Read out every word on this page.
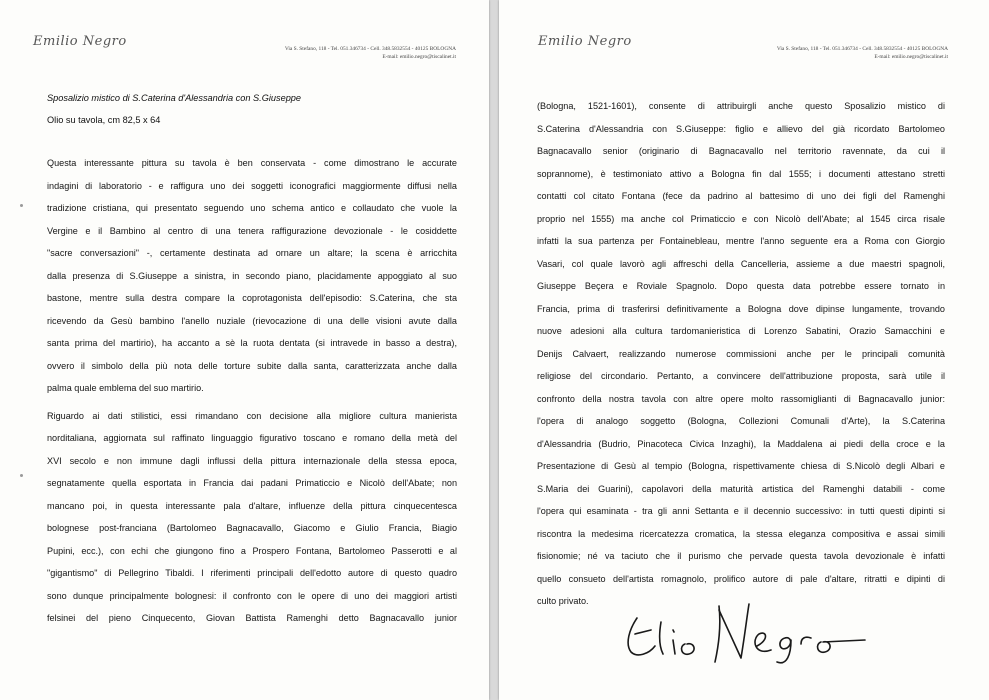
Emilio Negro	Via S. Stefano, 118 - Tel. 051.346734 - Cell. 348.5832554 - 40125 BOLOGNA
E-mail: emilio.negro@tiscalinet.it
Sposalizio mistico di S.Caterina d'Alessandria con S.Giuseppe
Olio su tavola, cm 82,5 x 64
Questa interessante pittura su tavola è ben conservata - come dimostrano le accurate
indagini di laboratorio - e raffigura uno dei soggetti iconografici maggiormente diffusi nella
tradizione cristiana, qui presentato seguendo uno schema antico e collaudato che vuole la
Vergine e il Bambino al centro di una tenera raffigurazione devozionale - le cosiddette
"sacre conversazioni" -, certamente destinata ad ornare un altare; la scena è arricchita
dalla presenza di S.Giuseppe a sinistra, in secondo piano, placidamente appoggiato al suo
bastone, mentre sulla destra compare la coprotagonista dell'episodio: S.Caterina, che sta
ricevendo da Gesù bambino l'anello nuziale (rievocazione di una delle visioni avute dalla
santa prima del martirio), ha accanto a sè la ruota dentata (si intravede in basso a destra),
ovvero il simbolo della più nota delle torture subite dalla santa, caratterizzata anche dalla
palma quale emblema del suo martirio.
Riguardo ai dati stilistici, essi rimandano con decisione alla migliore cultura manierista
norditaliana, aggiornata sul raffinato linguaggio figurativo toscano e romano della metà del
XVI secolo e non immune dagli influssi della pittura internazionale della stessa epoca,
segnatamente quella esportata in Francia dai padani Primaticcio e Nicolò dell'Abate; non
mancano poi, in questa interessante pala d'altare, influenze della pittura cinquecentesca
bolognese post-franciana (Bartolomeo Bagnacavallo, Giacomo e Giulio Francia, Biagio
Pupini, ecc.), con echi che giungono fino a Prospero Fontana, Bartolomeo Passerotti e al
"gigantismo" di Pellegrino Tibaldi. I riferimenti principali dell'edotto autore di questo quadro
sono dunque principalmente bolognesi: il confronto con le opere di uno dei maggiori artisti
felsinei del pieno Cinquecento, Giovan Battista Ramenghi detto Bagnacavallo junior
Emilio Negro	Via S. Stefano, 118 - Tel. 051.346734 - Cell. 348.5832554 - 40125 BOLOGNA
E-mail: emilio.negro@tiscalinet.it
(Bologna, 1521-1601), consente di attribuirgli anche questo Sposalizio mistico di
S.Caterina d'Alessandria con S.Giuseppe: figlio e allievo del già ricordato Bartolomeo
Bagnacavallo senior (originario di Bagnacavallo nel territorio ravennate, da cui il
soprannome), è testimoniato attivo a Bologna fin dal 1555; i documenti attestano stretti
contatti col citato Fontana (fece da padrino al battesimo di uno dei figli del Ramenghi
proprio nel 1555) ma anche col Primaticcio e con Nicolò dell'Abate; al 1545 circa risale
infatti la sua partenza per Fontainebleau, mentre l'anno seguente era a Roma con Giorgio
Vasari, col quale lavorò agli affreschi della Cancelleria, assieme a due maestri spagnoli,
Giuseppe Beçera e Roviale Spagnolo. Dopo questa data potrebbe essere tornato in
Francia, prima di trasferirsi definitivamente a Bologna dove dipinse lungamente, trovando
nuove adesioni alla cultura tardomanieristica di Lorenzo Sabatini, Orazio Samacchini e
Denijs Calvaert, realizzando numerose commissioni anche per le principali comunità
religiose del circondario. Pertanto, a convincere dell'attribuzione proposta, sarà utile il
confronto della nostra tavola con altre opere molto rassomiglianti di Bagnacavallo junior:
l'opera di analogo soggetto (Bologna, Collezioni Comunali d'Arte), la S.Caterina
d'Alessandria (Budrio, Pinacoteca Civica Inzaghi), la Maddalena ai piedi della croce e la
Presentazione di Gesù al tempio (Bologna, rispettivamente chiesa di S.Nicolò degli Albari e
S.Maria dei Guarini), capolavori della maturità artistica del Ramenghi databili - come
l'opera qui esaminata - tra gli anni Settanta e il decennio successivo: in tutti questi dipinti si
riscontra la medesima ricercatezza cromatica, la stessa eleganza compositiva e assai simili
fisionomie; né va taciuto che il purismo che pervade questa tavola devozionale è infatti
quello consueto dell'artista romagnolo, prolifico autore di pale d'altare, ritratti e dipinti di
culto privato.
